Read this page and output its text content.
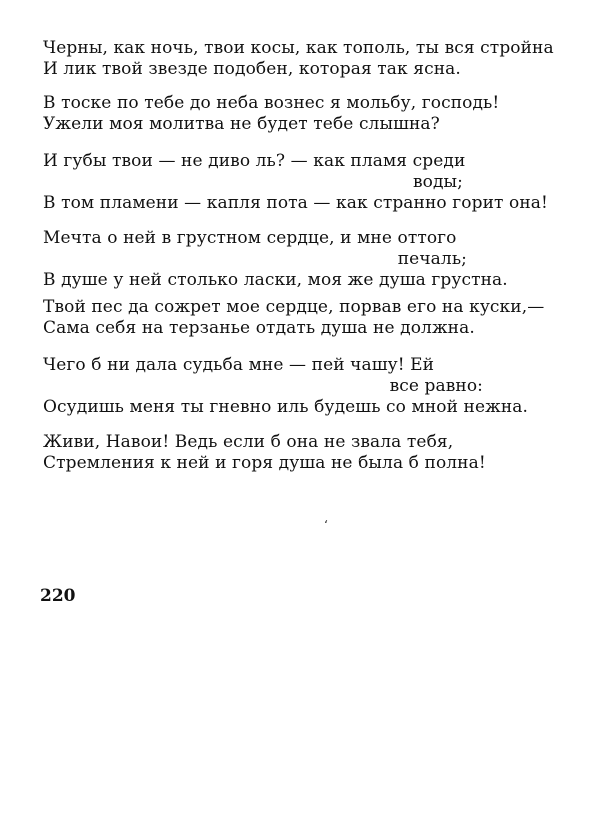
Черны, как ночь, твои косы, как тополь, ты вся стройна
И лик твой звезде подобен, которая так ясна.
В тоске по тебе до неба вознес я мольбу, господь!
Ужели моя молитва не будет тебе слышна?
И губы твои — не диво ль? — как пламя среди
воды;
В том пламени — капля пота — как странно горит она!
Мечта о ней в грустном сердце, и мне оттого
печаль;
В душе у ней столько ласки, моя же душа грустна.
Твой пес да сожрет мое сердце, порвав его на куски,—
Сама себя на терзанье отдать душа не должна.
Чего б ни дала судьба мне — пей чашу! Ей
все равно:
Осудишь меня ты гневно иль будешь со мной нежна.
Живи, Навои! Ведь если б она не звала тебя,
Стремления к ней и горя душа не была б полна!
‘
220
